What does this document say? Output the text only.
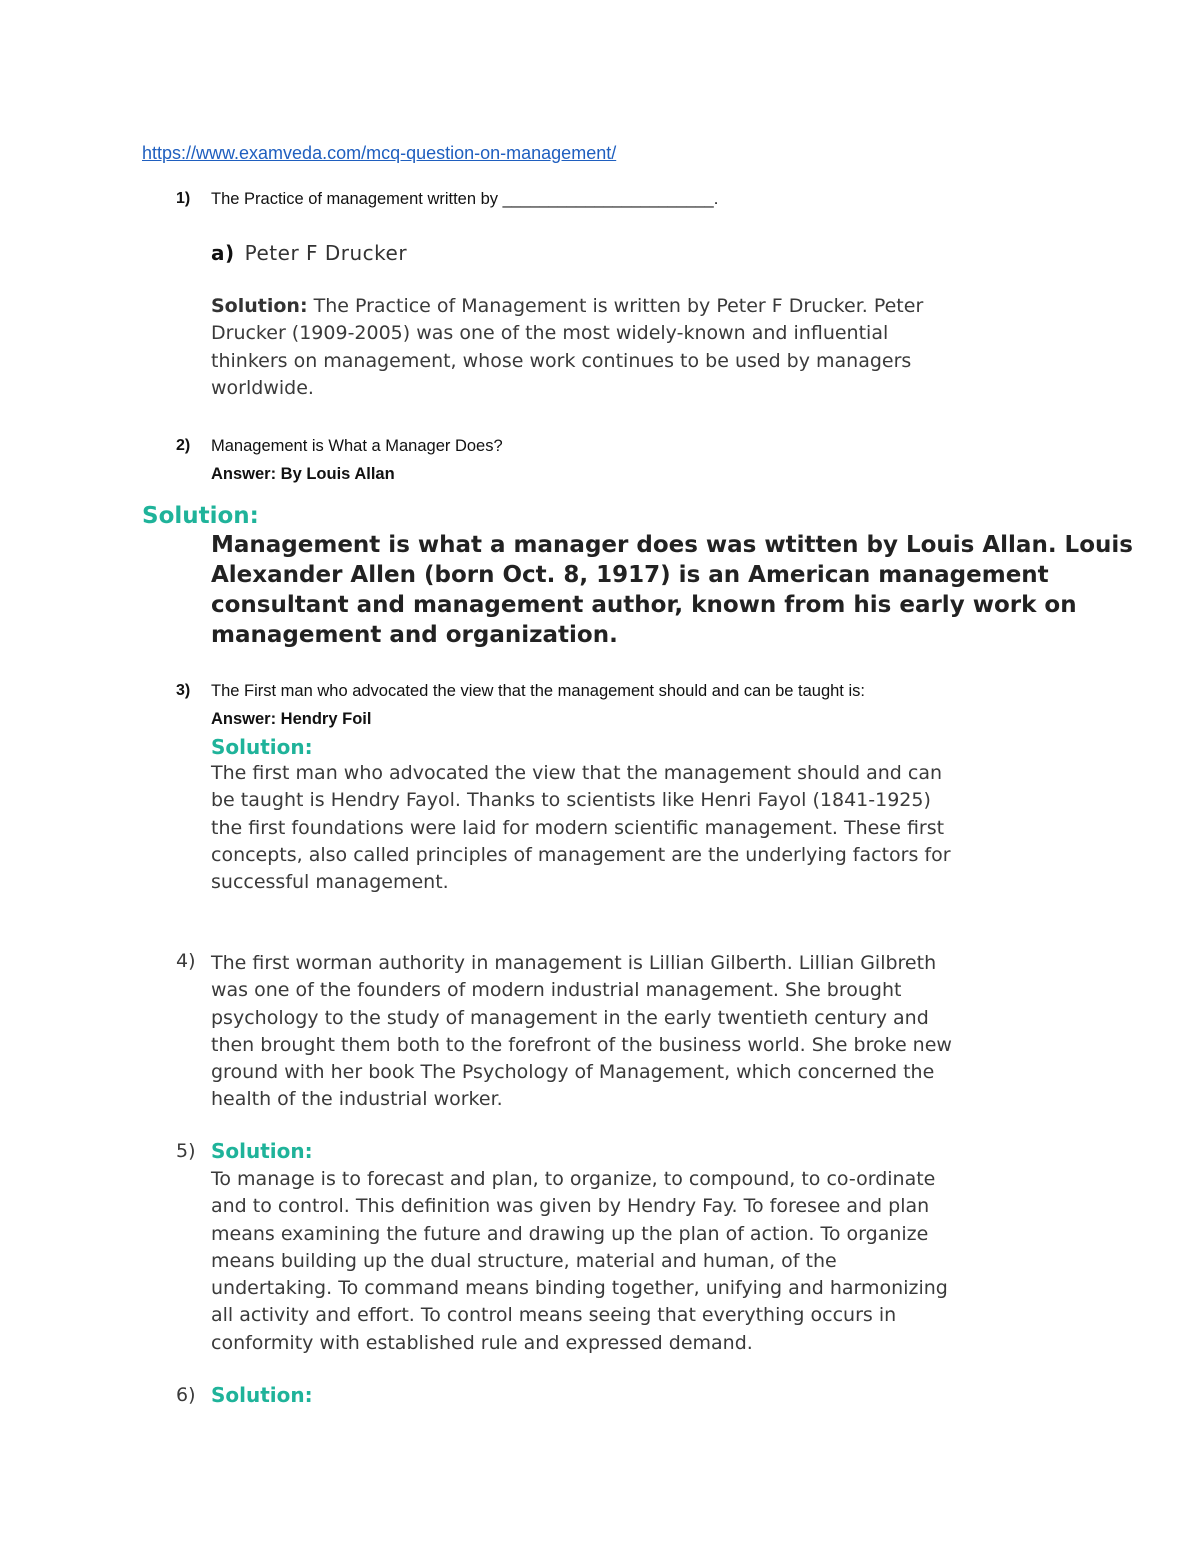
https://www.examveda.com/mcq-question-on-management/
1) The Practice of management written by _______________________.
a) Peter F Drucker
Solution: The Practice of Management is written by Peter F Drucker. Peter
Drucker (1909-2005) was one of the most widely-known and influential
thinkers on management, whose work continues to be used by managers
worldwide.
2) Management is What a Manager Does?
Answer: By Louis Allan
Solution:
Management is what a manager does was wtitten by Louis Allan. Louis
Alexander Allen (born Oct. 8, 1917) is an American management
consultant and management author, known from his early work on
management and organization.
3) The First man who advocated the view that the management should and can be taught is:
Answer: Hendry Foil
Solution:
The first man who advocated the view that the management should and can
be taught is Hendry Fayol. Thanks to scientists like Henri Fayol (1841-1925)
the first foundations were laid for modern scientific management. These first
concepts, also called principles of management are the underlying factors for
successful management.
4) The first worman authority in management is Lillian Gilberth. Lillian Gilbreth
was one of the founders of modern industrial management. She brought
psychology to the study of management in the early twentieth century and
then brought them both to the forefront of the business world. She broke new
ground with her book The Psychology of Management, which concerned the
health of the industrial worker.
5) Solution:
To manage is to forecast and plan, to organize, to compound, to co-ordinate
and to control. This definition was given by Hendry Fay. To foresee and plan
means examining the future and drawing up the plan of action. To organize
means building up the dual structure, material and human, of the
undertaking. To command means binding together, unifying and harmonizing
all activity and effort. To control means seeing that everything occurs in
conformity with established rule and expressed demand.
6) Solution:
